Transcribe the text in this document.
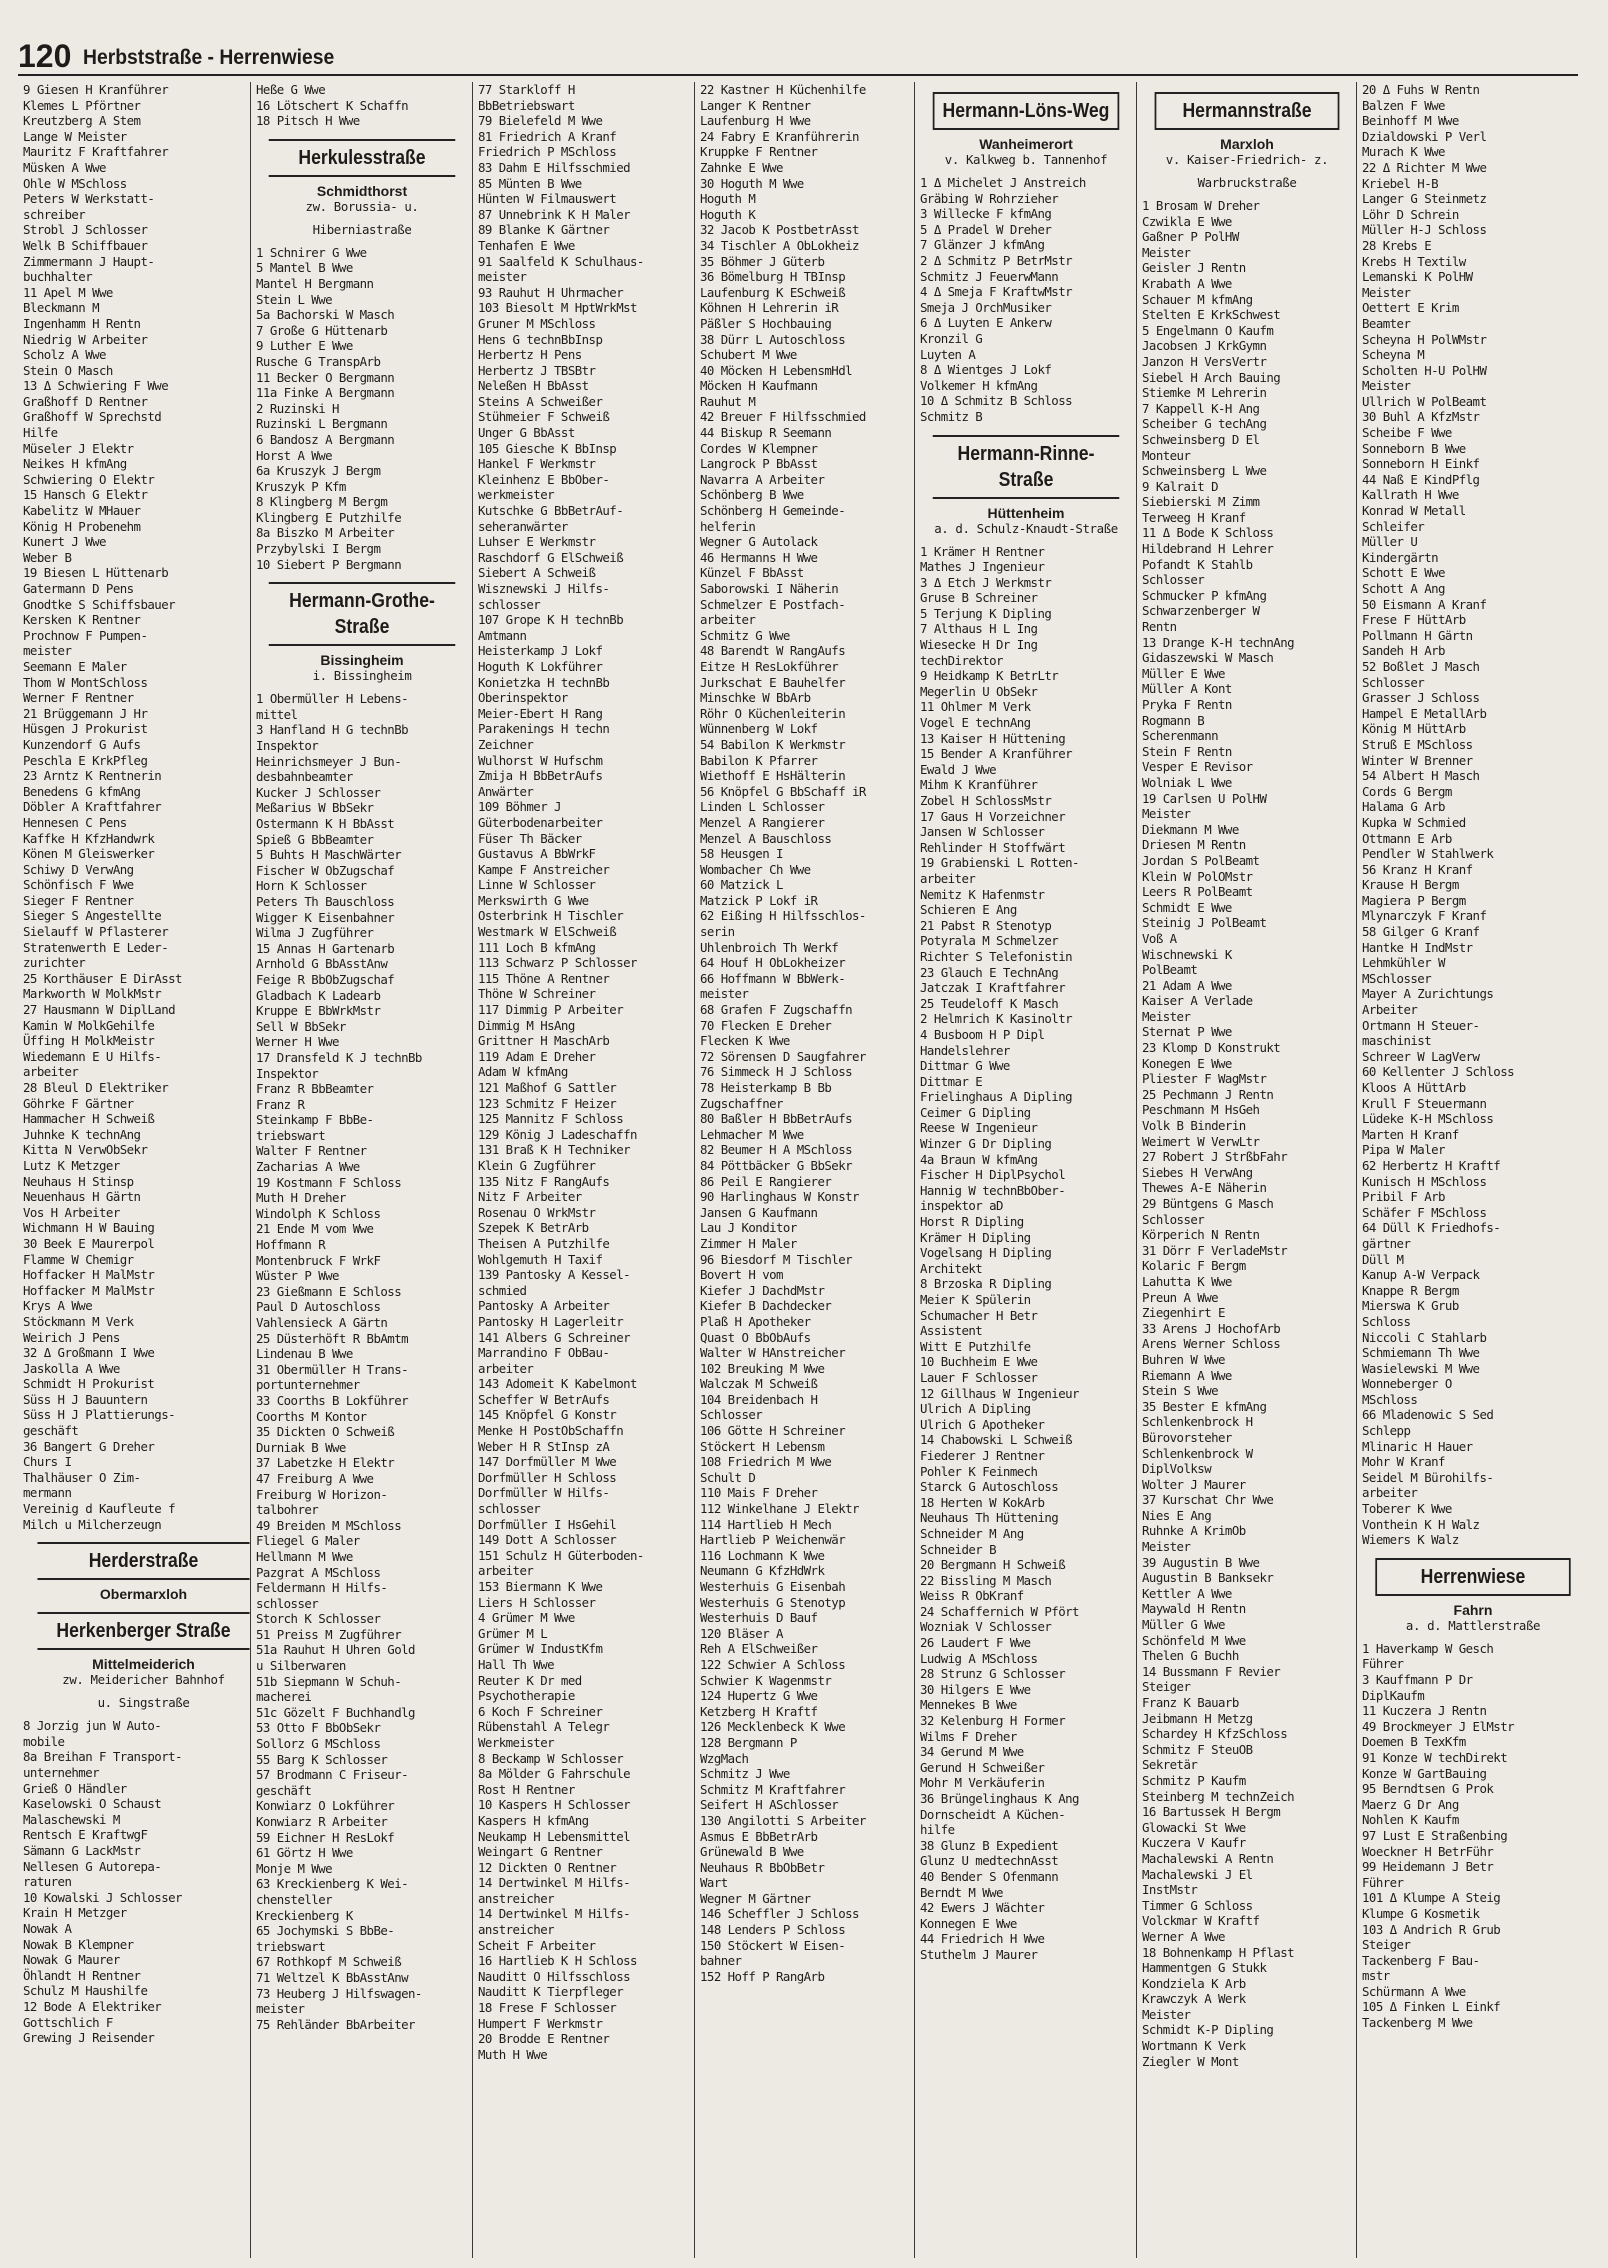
120 Herbststraße - Herrenwiese
9 Giesen H Kranführer
Klemes L Pförtner
Kreutzberg A Stem
Lange W Meister
Mauritz F Kraftfahrer
Müsken A Wwe
Ohle W MSchloss
Peters W Werkstatt-
schreiber
Strobl J Schlosser
Welk B Schiffbauer
Zimmermann J Haupt-
buchhalter
11 Apel M Wwe
Bleckmann M
Ingenhamm H Rentn
Niedrig W Arbeiter
Scholz A Wwe
Stein O Masch
13 Δ Schwiering F Wwe
Graßhoff D Rentner
Graßhoff W Sprechstd
Hilfe
Müseler J Elektr
Neikes H kfmAng
Schwiering O Elektr
15 Hansch G Elektr
Kabelitz W MHauer
König H Probenehm
Kunert J Wwe
Weber B
19 Biesen L Hüttenarb
Gatermann D Pens
Gnodtke S Schiffsbauer
Kersken K Rentner
Prochnow F Pumpen-
meister
Seemann E Maler
Thom W MontSchloss
Werner F Rentner
21 Brüggemann J Hr
Hüsgen J Prokurist
Kunzendorf G Aufs
Peschla E KrkPfleg
23 Arntz K Rentnerin
Benedens G kfmAng
Döbler A Kraftfahrer
Hennesen C Pens
Kaffke H KfzHandwrk
Könen M Gleiswerker
Schiwy D VerwAng
Schönfisch F Wwe
Sieger F Rentner
Sieger S Angestellte
Sielauff W Pflasterer
Stratenwerth E Leder-
zurichter
25 Korthäuser E DirAsst
Markworth W MolkMstr
27 Hausmann W DiplLand
Kamin W MolkGehilfe
Üffing H MolkMeistr
Wiedemann E U Hilfs-
arbeiter
28 Bleul D Elektriker
Göhrke F Gärtner
Hammacher H Schweiß
Juhnke K technAng
Kitta N VerwObSekr
Lutz K Metzger
Neuhaus H Stinsp
Neuenhaus H Gärtn
Vos H Arbeiter
Wichmann H W Bauing
30 Beek E Maurerpol
Flamme W Chemigr
Hoffacker H MalMstr
Hoffacker M MalMstr
Krys A Wwe
Stöckmann M Verk
Weirich J Pens
32 Δ Großmann I Wwe
Jaskolla A Wwe
Schmidt H Prokurist
Süss H J Bauuntern
Süss H J Plattierungs-
geschäft
36 Bangert G Dreher
Churs I
Thalhäuser O Zim-
mermann
Vereinig d Kaufleute f
Milch u Milcherzeugn
Herderstraße
Obermarxloh
Herkenberger Straße
Mittelmeiderich
zw. Meidericher Bahnhof
u. Singstraße
8 Jorzig jun W Auto-
mobile
8a Breihan F Transport-
unternehmer
Grieß O Händler
Kaselowski O Schaust
Malaschewski M
Rentsch E KraftwgF
Sämann G LackMstr
Nellesen G Autorepa-
raturen
10 Kowalski J Schlosser
Krain H Metzger
Nowak A
Nowak B Klempner
Nowak G Maurer
Öhlandt H Rentner
Schulz M Haushilfe
12 Bode A Elektriker
Gottschlich F
Grewing J Reisender
Heße G Wwe
16 Lötschert K Schaffn
18 Pitsch H Wwe
Herkulesstraße
Schmidthorst
zw. Borussia- u.
Hiberniastraße
1 Schnirer G Wwe
5 Mantel B Wwe
Mantel H Bergmann
Stein L Wwe
5a Bachorski W Masch
7 Große G Hüttenarb
9 Luther E Wwe
Rusche G TranspArb
11 Becker O Bergmann
11a Finke A Bergmann
2 Ruzinski H
Ruzinski L Bergmann
6 Bandosz A Bergmann
Horst A Wwe
6a Kruszyk J Bergm
Kruszyk P Kfm
8 Klingberg M Bergm
Klingberg E Putzhilfe
8a Biszko M Arbeiter
Przybylski I Bergm
10 Siebert P Bergmann
Hermann-Grothe-Straße
Bissingheim
i. Bissingheim
1 Obermüller H Lebens-
mittel
3 Hanfland H G technBb
Inspektor
Heinrichsmeyer J Bun-
desbahnbeamter
Kucker J Schlosser
Meßarius W BbSekr
Ostermann K H BbAsst
Spieß G BbBeamter
5 Buhts H MaschWärter
Fischer W ObZugschaf
Horn K Schlosser
Peters Th Bauschloss
Wigger K Eisenbahner
Wilma J Zugführer
15 Annas H Gartenarb
Arnhold G BbAsstAnw
Feige R BbObZugschaf
Gladbach K Ladearb
Kruppe E BbWrkMstr
Sell W BbSekr
Werner H Wwe
17 Dransfeld K J technBb
Inspektor
Franz R BbBeamter
Franz R
Steinkamp F BbBe-
triebswart
Walter F Rentner
Zacharias A Wwe
19 Kostmann F Schloss
Muth H Dreher
Windolph K Schloss
21 Ende M vom Wwe
Hoffmann R
Montenbruck F WrkF
Wüster P Wwe
23 Gießmann E Schloss
Paul D Autoschloss
Vahlensieck A Gärtn
25 Düsterhöft R BbAmtm
Lindenau B Wwe
31 Obermüller H Trans-
portunternehmer
33 Coorths B Lokführer
Coorths M Kontor
35 Dickten O Schweiß
Durniak B Wwe
37 Labetzke H Elektr
47 Freiburg A Wwe
Freiburg W Horizon-
talbohrer
49 Breiden M MSchloss
Fliegel G Maler
Hellmann M Wwe
Pazgrat A MSchloss
Feldermann H Hilfs-
schlosser
Storch K Schlosser
51 Preiss M Zugführer
51a Rauhut H Uhren Gold
u Silberwaren
51b Siepmann W Schuh-
macherei
51c Gözelt F Buchhandlg
53 Otto F BbObSekr
Sollorz G MSchloss
55 Barg K Schlosser
57 Brodmann C Friseur-
geschäft
Konwiarz O Lokführer
Konwiarz R Arbeiter
59 Eichner H ResLokf
61 Görtz H Wwe
Monje M Wwe
63 Kreckienberg K Wei-
chensteller
Kreckienberg K
65 Jochymski S BbBe-
triebswart
67 Rothkopf M Schweiß
71 Weltzel K BbAsstAnw
73 Heuberg J Hilfswagen-
meister
75 Rehländer BbArbeiter
77 Starkloff H
BbBetriebswart
79 Bielefeld M Wwe
81 Friedrich A Kranf
Friedrich P MSchloss
83 Dahm E Hilfsschmied
85 Münten B Wwe
Hünten W Filmauswert
87 Unnebrink K H Maler
89 Blanke K Gärtner
Tenhafen E Wwe
91 Saalfeld K Schulhaus-
meister
93 Rauhut H Uhrmacher
103 Biesolt M HptWrkMst
Gruner M MSchloss
Hens G technBbInsp
Herbertz H Pens
Herbertz J TBSBtr
Neleßen H BbAsst
Steins A Schweißer
Stühmeier F Schweiß
Unger G BbAsst
105 Giesche K BbInsp
Hankel F Werkmstr
Kleinhenz E BbOber-
werkmeister
Kutschke G BbBetrAuf-
seheranwärter
Luhser E Werkmstr
Raschdorf G ElSchweiß
Siebert A Schweiß
Wisznewski J Hilfs-
schlosser
107 Grope K H technBb
Amtmann
Heisterkamp J Lokf
Hoguth K Lokführer
Konietzka H technBb
Oberinspektor
Meier-Ebert H Rang
Parakenings H techn
Zeichner
Wulhorst W Hufschm
Zmija H BbBetrAufs
Anwärter
109 Böhmer J
Güterbodenarbeiter
Füser Th Bäcker
Gustavus A BbWrkF
Kampe F Anstreicher
Linne W Schlosser
Merkswirth G Wwe
Osterbrink H Tischler
Westmark W ElSchweiß
111 Loch B kfmAng
113 Schwarz P Schlosser
115 Thöne A Rentner
Thöne W Schreiner
117 Dimmig P Arbeiter
Dimmig M HsAng
Grittner H MaschArb
119 Adam E Dreher
Adam W kfmAng
121 Maßhof G Sattler
123 Schmitz F Heizer
125 Mannitz F Schloss
129 König J Ladeschaffn
131 Braß K H Techniker
Klein G Zugführer
135 Nitz F RangAufs
Nitz F Arbeiter
Rosenau O WrkMstr
Szepek K BetrArb
Theisen A Putzhilfe
Wohlgemuth H Taxif
139 Pantosky A Kessel-
schmied
Pantosky A Arbeiter
Pantosky H Lagerleitr
141 Albers G Schreiner
Marrandino F ObBau-
arbeiter
143 Adomeit K Kabelmont
Scheffer W BetrAufs
145 Knöpfel G Konstr
Menke H PostObSchaffn
Weber H R StInsp zA
147 Dorfmüller M Wwe
Dorfmüller H Schloss
Dorfmüller W Hilfs-
schlosser
Dorfmüller I HsGehil
149 Dott A Schlosser
151 Schulz H Güterboden-
arbeiter
153 Biermann K Wwe
Liers H Schlosser
4 Grümer M Wwe
Grümer M L
Grümer W IndustKfm
Hall Th Wwe
Reuter K Dr med
Psychotherapie
6 Koch F Schreiner
Rübenstahl A Telegr
Werkmeister
8 Beckamp W Schlosser
8a Mölder G Fahrschule
Rost H Rentner
10 Kaspers H Schlosser
Kaspers H kfmAng
Neukamp H Lebensmittel
Weingart G Rentner
12 Dickten O Rentner
14 Dertwinkel M Hilfs-
anstreicher
14 Dertwinkel M Hilfs-
anstreicher
Scheit F Arbeiter
16 Hartlieb K H Schloss
Nauditt O Hilfsschloss
Nauditt K Tierpfleger
18 Frese F Schlosser
Humpert F Werkmstr
20 Brodde E Rentner
Muth H Wwe
22 Kastner H Küchenhilfe
Langer K Rentner
Laufenburg H Wwe
24 Fabry E Kranführerin
Kruppke F Rentner
Zahnke E Wwe
30 Hoguth M Wwe
Hoguth M
Hoguth K
32 Jacob K PostbetrAsst
34 Tischler A ObLokheiz
35 Böhmer J Güterb
36 Bömelburg H TBInsp
Laufenburg K ESchweiß
Köhnen H Lehrerin iR
Päßler S Hochbauing
38 Dürr L Autoschloss
Schubert M Wwe
40 Möcken H LebensmHdl
Möcken H Kaufmann
Rauhut M
42 Breuer F Hilfsschmied
44 Biskup R Seemann
Cordes W Klempner
Langrock P BbAsst
Navarra A Arbeiter
Schönberg B Wwe
Schönberg H Gemeinde-
helferin
Wegner G Autolack
46 Hermanns H Wwe
Künzel F BbAsst
Saborowski I Näherin
Schmelzer E Postfach-
arbeiter
Schmitz G Wwe
48 Barendt W RangAufs
Eitze H ResLokführer
Jurkschat E Bauhelfer
Minschke W BbArb
Röhr O Küchenleiterin
Wünnenberg W Lokf
54 Babilon K Werkmstr
Babilon K Pfarrer
Wiethoff E HsHälterin
56 Knöpfel G BbSchaff iR
Linden L Schlosser
Menzel A Rangierer
Menzel A Bauschloss
58 Heusgen I
Wombacher Ch Wwe
60 Matzick L
Matzick P Lokf iR
62 Eißing H Hilfsschlos-
serin
Uhlenbroich Th Werkf
64 Houf H ObLokheizer
66 Hoffmann W BbWerk-
meister
68 Grafen F Zugschaffn
70 Flecken E Dreher
Flecken K Wwe
72 Sörensen D Saugfahrer
76 Simmeck H J Schloss
78 Heisterkamp B Bb
Zugschaffner
80 Baßler H BbBetrAufs
Lehmacher M Wwe
82 Beumer H A MSchloss
84 Pöttbäcker G BbSekr
86 Peil E Rangierer
90 Harlinghaus W Konstr
Jansen G Kaufmann
Lau J Konditor
Zimmer H Maler
96 Biesdorf M Tischler
Bovert H vom
Kiefer J DachdMstr
Kiefer B Dachdecker
Plaß H Apotheker
Quast O BbObAufs
Walter W HAnstreicher
102 Breuking M Wwe
Walczak M Schweiß
104 Breidenbach H
Schlosser
106 Götte H Schreiner
Stöckert H Lebensm
108 Friedrich M Wwe
Schult D
110 Mais F Dreher
112 Winkelhane J Elektr
114 Hartlieb H Mech
Hartlieb P Weichenwär
116 Lochmann K Wwe
Neumann G KfzHdWrk
Westerhuis G Eisenbah
Westerhuis G Stenotyp
Westerhuis D Bauf
120 Bläser A
Reh A ElSchweißer
122 Schwier A Schloss
Schwier K Wagenmstr
124 Hupertz G Wwe
Ketzberg H Kraftf
126 Mecklenbeck K Wwe
128 Bergmann P
WzgMach
Schmitz J Wwe
Schmitz M Kraftfahrer
Seifert H ASchlosser
130 Angilotti S Arbeiter
Asmus E BbBetrArb
Grünewald B Wwe
Neuhaus R BbObBetr
Wart
Wegner M Gärtner
146 Scheffler J Schloss
148 Lenders P Schloss
150 Stöckert W Eisen-
bahner
152 Hoff P RangArb
Hermann-Löns-Weg
Wanheimerort
v. Kalkweg b. Tannenhof
1 Δ Michelet J Anstreich
Gräbing W Rohrzieher
3 Willecke F kfmAng
5 Δ Pradel W Dreher
7 Glänzer J kfmAng
2 Δ Schmitz P BetrMstr
Schmitz J FeuerwMann
4 Δ Smeja F KraftwMstr
Smeja J OrchMusiker
6 Δ Luyten E Ankerw
Kronzil G
Luyten A
8 Δ Wientges J Lokf
Volkemer H kfmAng
10 Δ Schmitz B Schloss
Schmitz B
Hermann-Rinne-Straße
Hüttenheim
a. d. Schulz-Knaudt-Straße
1 Krämer H Rentner
Mathes J Ingenieur
3 Δ Etch J Werkmstr
Gruse B Schreiner
5 Terjung K Dipling
7 Althaus H L Ing
Wiesecke H Dr Ing
techDirektor
9 Heidkamp K BetrLtr
Megerlin U ObSekr
11 Ohlmer M Verk
Vogel E technAng
13 Kaiser H Hüttening
15 Bender A Kranführer
Ewald J Wwe
Mihm K Kranführer
Zobel H SchlossMstr
17 Gaus H Vorzeichner
Jansen W Schlosser
Rehlinder H Stoffwärt
19 Grabienski L Rotten-
arbeiter
Nemitz K Hafenmstr
Schieren E Ang
21 Pabst R Stenotyp
Potyrala M Schmelzer
Richter S Telefonistin
23 Glauch E TechnAng
Jatczak I Kraftfahrer
25 Teudeloff K Masch
2 Helmrich K Kasinoltr
4 Busboom H P Dipl
Handelslehrer
Dittmar G Wwe
Dittmar E
Frielinghaus A Dipling
Ceimer G Dipling
Reese W Ingenieur
Winzer G Dr Dipling
4a Braun W kfmAng
Fischer H DiplPsychol
Hannig W technBbOber-
inspektor aD
Horst R Dipling
Krämer H Dipling
Vogelsang H Dipling
Architekt
8 Brzoska R Dipling
Meier K Spülerin
Schumacher H Betr
Assistent
Witt E Putzhilfe
10 Buchheim E Wwe
Lauer F Schlosser
12 Gillhaus W Ingenieur
Ulrich A Dipling
Ulrich G Apotheker
14 Chabowski L Schweiß
Fiederer J Rentner
Pohler K Feinmech
Starck G Autoschloss
18 Herten W KokArb
Neuhaus Th Hüttening
Schneider M Ang
Schneider B
20 Bergmann H Schweiß
22 Bissling M Masch
Weiss R ObKranf
24 Schaffernich W Pfört
Wozniak V Schlosser
26 Laudert F Wwe
Ludwig A MSchloss
28 Strunz G Schlosser
30 Hilgers E Wwe
Mennekes B Wwe
32 Kelenburg H Former
Wilms F Dreher
34 Gerund M Wwe
Gerund H Schweißer
Mohr M Verkäuferin
36 Brüngelinghaus K Ang
Dornscheidt A Küchen-
hilfe
38 Glunz B Expedient
Glunz U medtechnAsst
40 Bender S Ofenmann
Berndt M Wwe
42 Ewers J Wächter
Konnegen E Wwe
44 Friedrich H Wwe
Stuthelm J Maurer
Hermannstraße
Marxloh
v. Kaiser-Friedrich- z.
Warbruckstraße
1 Brosam W Dreher
Czwikla E Wwe
Gaßner P PolHW
Meister
Geisler J Rentn
Krabath A Wwe
Schauer M kfmAng
Stelten E KrkSchwest
5 Engelmann O Kaufm
Jacobsen J KrkGymn
Janzon H VersVertr
Siebel H Arch Bauing
Stiemke M Lehrerin
7 Kappell K-H Ang
Scheiber G techAng
Schweinsberg D El
Monteur
Schweinsberg L Wwe
9 Kalrait D
Siebierski M Zimm
Terweeg H Kranf
11 Δ Bode K Schloss
Hildebrand H Lehrer
Pofandt K Stahlb
Schlosser
Schmucker P kfmAng
Schwarzenberger W
Rentn
13 Drange K-H technAng
Gidaszewski W Masch
Müller E Wwe
Müller A Kont
Pryka F Rentn
Rogmann B
Scherenmann
Stein F Rentn
Vesper E Revisor
Wolniak L Wwe
19 Carlsen U PolHW
Meister
Diekmann M Wwe
Driesen M Rentn
Jordan S PolBeamt
Klein W PolOMstr
Leers R PolBeamt
Schmidt E Wwe
Steinig J PolBeamt
Voß A
Wischnewski K
PolBeamt
21 Adam A Wwe
Kaiser A Verlade
Meister
Sternat P Wwe
23 Klomp D Konstrukt
Konegen E Wwe
Pliester F WagMstr
25 Pechmann J Rentn
Peschmann M HsGeh
Volk B Binderin
Weimert W VerwLtr
27 Robert J StrßbFahr
Siebes H VerwAng
Thewes A-E Näherin
29 Büntgens G Masch
Schlosser
Körperich N Rentn
31 Dörr F VerladeMstr
Kolaric F Bergm
Lahutta K Wwe
Preun A Wwe
Ziegenhirt E
33 Arens J HochofArb
Arens Werner Schloss
Buhren W Wwe
Riemann A Wwe
Stein S Wwe
35 Bester E kfmAng
Schlenkenbrock H
Bürovorsteher
Schlenkenbrock W
DiplVolksw
Wolter J Maurer
37 Kurschat Chr Wwe
Nies E Ang
Ruhnke A KrimOb
Meister
39 Augustin B Wwe
Augustin B Banksekr
Kettler A Wwe
Maywald H Rentn
Müller G Wwe
Schönfeld M Wwe
Thelen G Buchh
14 Bussmann F Revier
Steiger
Franz K Bauarb
Jeibmann H Metzg
Schardey H KfzSchloss
Schmitz F SteuOB
Sekretär
Schmitz P Kaufm
Steinberg M technZeich
16 Bartussek H Bergm
Glowacki St Wwe
Kuczera V Kaufr
Machalewski A Rentn
Machalewski J El
InstMstr
Timmer G Schloss
Volckmar W Kraftf
Werner A Wwe
18 Bohnenkamp H Pflast
Hammentgen G Stukk
Kondziela K Arb
Krawczyk A Werk
Meister
Schmidt K-P Dipling
Wortmann K Verk
Ziegler W Mont
20 Δ Fuhs W Rentn
Balzen F Wwe
Beinhoff M Wwe
Dzialdowski P Verl
Murach K Wwe
22 Δ Richter M Wwe
Kriebel H-B
Langer G Steinmetz
Löhr D Schrein
Müller H-J Schloss
28 Krebs E
Krebs H Textilw
Lemanski K PolHW
Meister
Oettert E Krim
Beamter
Scheyna H PolWMstr
Scheyna M
Scholten H-U PolHW
Meister
Ullrich W PolBeamt
30 Buhl A KfzMstr
Scheibe F Wwe
Sonneborn B Wwe
Sonneborn H Einkf
44 Naß E KindPflg
Kallrath H Wwe
Konrad W Metall
Schleifer
Müller U
Kindergärtn
Schott E Wwe
Schott A Ang
50 Eismann A Kranf
Frese F HüttArb
Pollmann H Gärtn
Sandeh H Arb
52 Boßlet J Masch
Schlosser
Grasser J Schloss
Hampel E MetallArb
König M HüttArb
Struß E MSchloss
Winter W Brenner
54 Albert H Masch
Cords G Bergm
Halama G Arb
Kupka W Schmied
Ottmann E Arb
Pendler W Stahlwerk
56 Kranz H Kranf
Krause H Bergm
Magiera P Bergm
Mlynarczyk F Kranf
58 Gilger G Kranf
Hantke H IndMstr
Lehmkühler W
MSchlosser
Mayer A Zurichtungs
Arbeiter
Ortmann H Steuer-
maschinist
Schreer W LagVerw
60 Kellenter J Schloss
Kloos A HüttArb
Krull F Steuermann
Lüdeke K-H MSchloss
Marten H Kranf
Pipa W Maler
62 Herbertz H Kraftf
Kunisch H MSchloss
Pribil F Arb
Schäfer F MSchloss
64 Düll K Friedhofs-
gärtner
Düll M
Kanup A-W Verpack
Knappe R Bergm
Mierswa K Grub
Schloss
Niccoli C Stahlarb
Schmiemann Th Wwe
Wasielewski M Wwe
Wonneberger O
MSchloss
66 Mladenowic S Sed
Schlepp
Mlinaric H Hauer
Mohr W Kranf
Seidel M Bürohilfs-
arbeiter
Toberer K Wwe
Vonthein K H Walz
Wiemers K Walz
Herrenwiese
Fahrn
a. d. Mattlerstraße
1 Haverkamp W Gesch
Führer
3 Kauffmann P Dr
DiplKaufm
11 Kuczera J Rentn
49 Brockmeyer J ElMstr
Doemen B TexKfm
91 Konze W techDirekt
Konze W GartBauing
95 Berndtsen G Prok
Maerz G Dr Ang
Nohlen K Kaufm
97 Lust E Straßenbing
Woeckner H BetrFühr
99 Heidemann J Betr
Führer
101 Δ Klumpe A Steig
Klumpe G Kosmetik
103 Δ Andrich R Grub
Steiger
Tackenberg F Bau-
mstr
Schürmann A Wwe
105 Δ Finken L Einkf
Tackenberg M Wwe
